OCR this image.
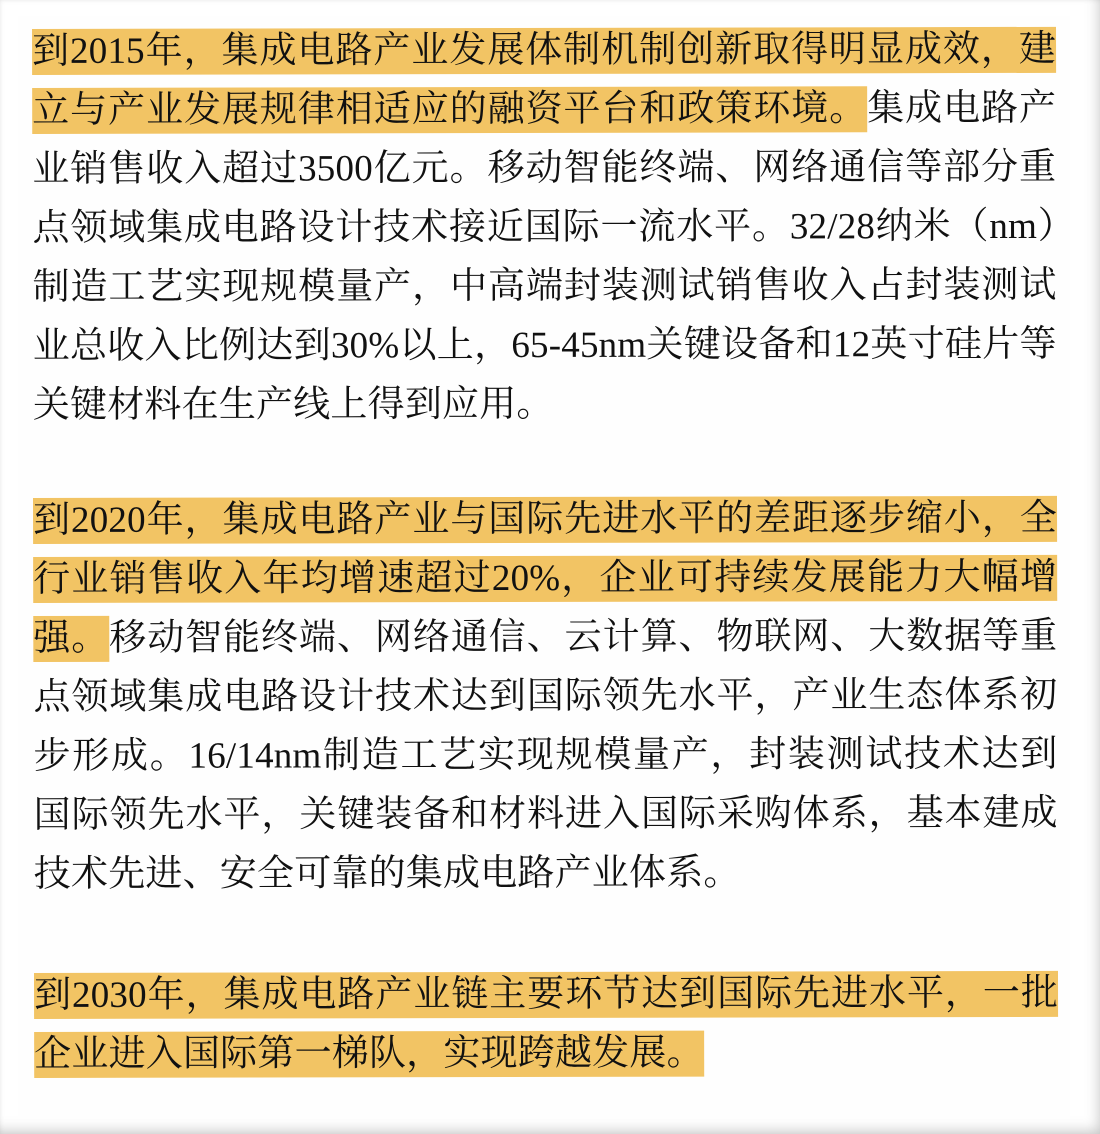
到2015年，集成电路产业发展体制机制创新取得明显成效，建立与产业发展规律相适应的融资平台和政策环境。集成电路产业销售收入超过3500亿元。移动智能终端、网络通信等部分重点领域集成电路设计技术接近国际一流水平。32/28纳米（nm）制造工艺实现规模量产，中高端封装测试销售收入占封装测试业总收入比例达到30%以上，65-45nm关键设备和12英寸硅片等关键材料在生产线上得到应用。

到2020年，集成电路产业与国际先进水平的差距逐步缩小，全行业销售收入年均增速超过20%，企业可持续发展能力大幅增强。移动智能终端、网络通信、云计算、物联网、大数据等重点领域集成电路设计技术达到国际领先水平，产业生态体系初步形成。16/14nm制造工艺实现规模量产，封装测试技术达到国际领先水平，关键装备和材料进入国际采购体系，基本建成技术先进、安全可靠的集成电路产业体系。

到2030年，集成电路产业链主要环节达到国际先进水平，一批企业进入国际第一梯队，实现跨越发展。
